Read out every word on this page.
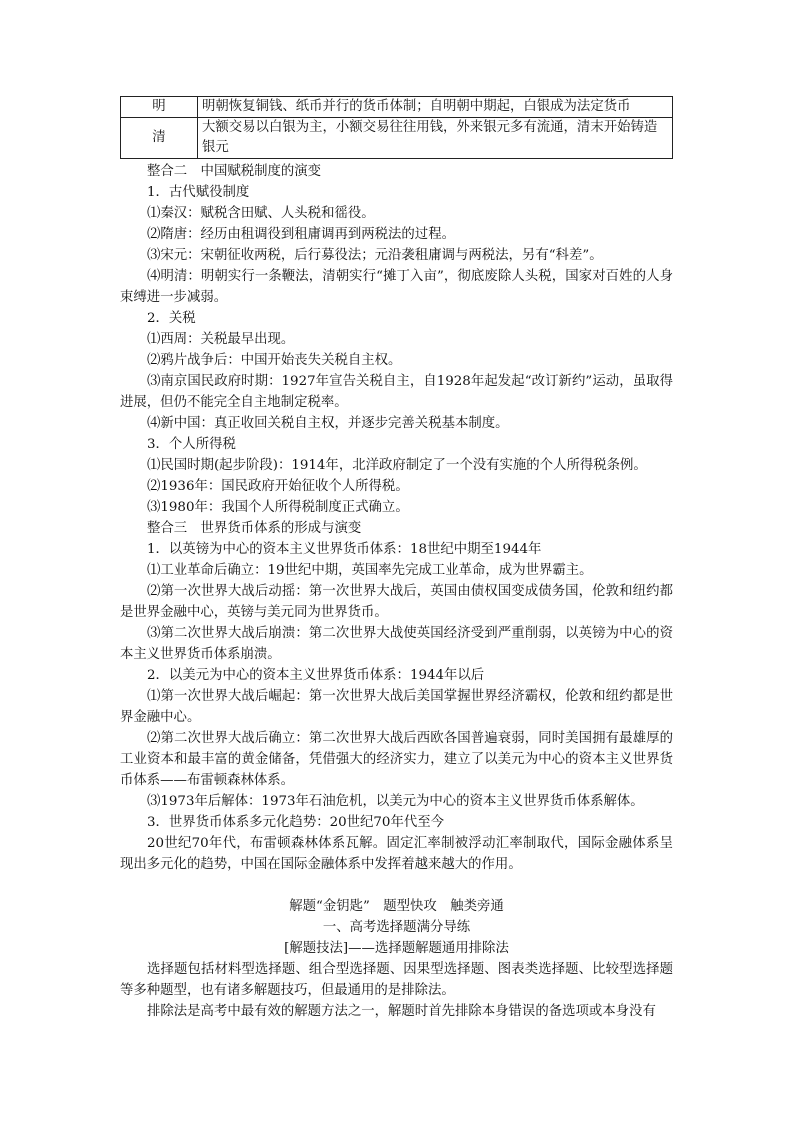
明	明朝恢复铜钱、纸币并行的货币体制；自明朝中期起，白银成为法定货币
清	大额交易以白银为主，小额交易往往用钱，外来银元多有流通，清末开始铸造银元

整合二　中国赋税制度的演变

1．古代赋役制度

⑴秦汉：赋税含田赋、人头税和徭役。

⑵隋唐：经历由租调役到租庸调再到两税法的过程。

⑶宋元：宋朝征收两税，后行募役法；元沿袭租庸调与两税法，另有“科差”。

⑷明清：明朝实行一条鞭法，清朝实行“摊丁入亩”，彻底废除人头税，国家对百姓的人身束缚进一步减弱。

2．关税

⑴西周：关税最早出现。

⑵鸦片战争后：中国开始丧失关税自主权。

⑶南京国民政府时期：1927年宣告关税自主，自1928年起发起“改订新约”运动，虽取得进展，但仍不能完全自主地制定税率。

⑷新中国：真正收回关税自主权，并逐步完善关税基本制度。

3．个人所得税

⑴民国时期(起步阶段)：1914年，北洋政府制定了一个没有实施的个人所得税条例。

⑵1936年：国民政府开始征收个人所得税。

⑶1980年：我国个人所得税制度正式确立。

整合三　世界货币体系的形成与演变

1．以英镑为中心的资本主义世界货币体系：18世纪中期至1944年

⑴工业革命后确立：19世纪中期，英国率先完成工业革命，成为世界霸主。

⑵第一次世界大战后动摇：第一次世界大战后，英国由债权国变成债务国，伦敦和纽约都是世界金融中心，英镑与美元同为世界货币。

⑶第二次世界大战后崩溃：第二次世界大战使英国经济受到严重削弱，以英镑为中心的资本主义世界货币体系崩溃。

2．以美元为中心的资本主义世界货币体系：1944年以后

⑴第一次世界大战后崛起：第一次世界大战后美国掌握世界经济霸权，伦敦和纽约都是世界金融中心。

⑵第二次世界大战后确立：第二次世界大战后西欧各国普遍衰弱，同时美国拥有最雄厚的工业资本和最丰富的黄金储备，凭借强大的经济实力，建立了以美元为中心的资本主义世界货币体系——布雷顿森林体系。

⑶1973年后解体：1973年石油危机，以美元为中心的资本主义世界货币体系解体。

3．世界货币体系多元化趋势：20世纪70年代至今

20世纪70年代，布雷顿森林体系瓦解。固定汇率制被浮动汇率制取代，国际金融体系呈现出多元化的趋势，中国在国际金融体系中发挥着越来越大的作用。

解题“金钥匙”　题型快攻　触类旁通

一、高考选择题满分导练

[解题技法]——选择题解题通用排除法

选择题包括材料型选择题、组合型选择题、因果型选择题、图表类选择题、比较型选择题等多种题型，也有诸多解题技巧，但最通用的是排除法。

排除法是高考中最有效的解题方法之一，解题时首先排除本身错误的备选项或本身没有
